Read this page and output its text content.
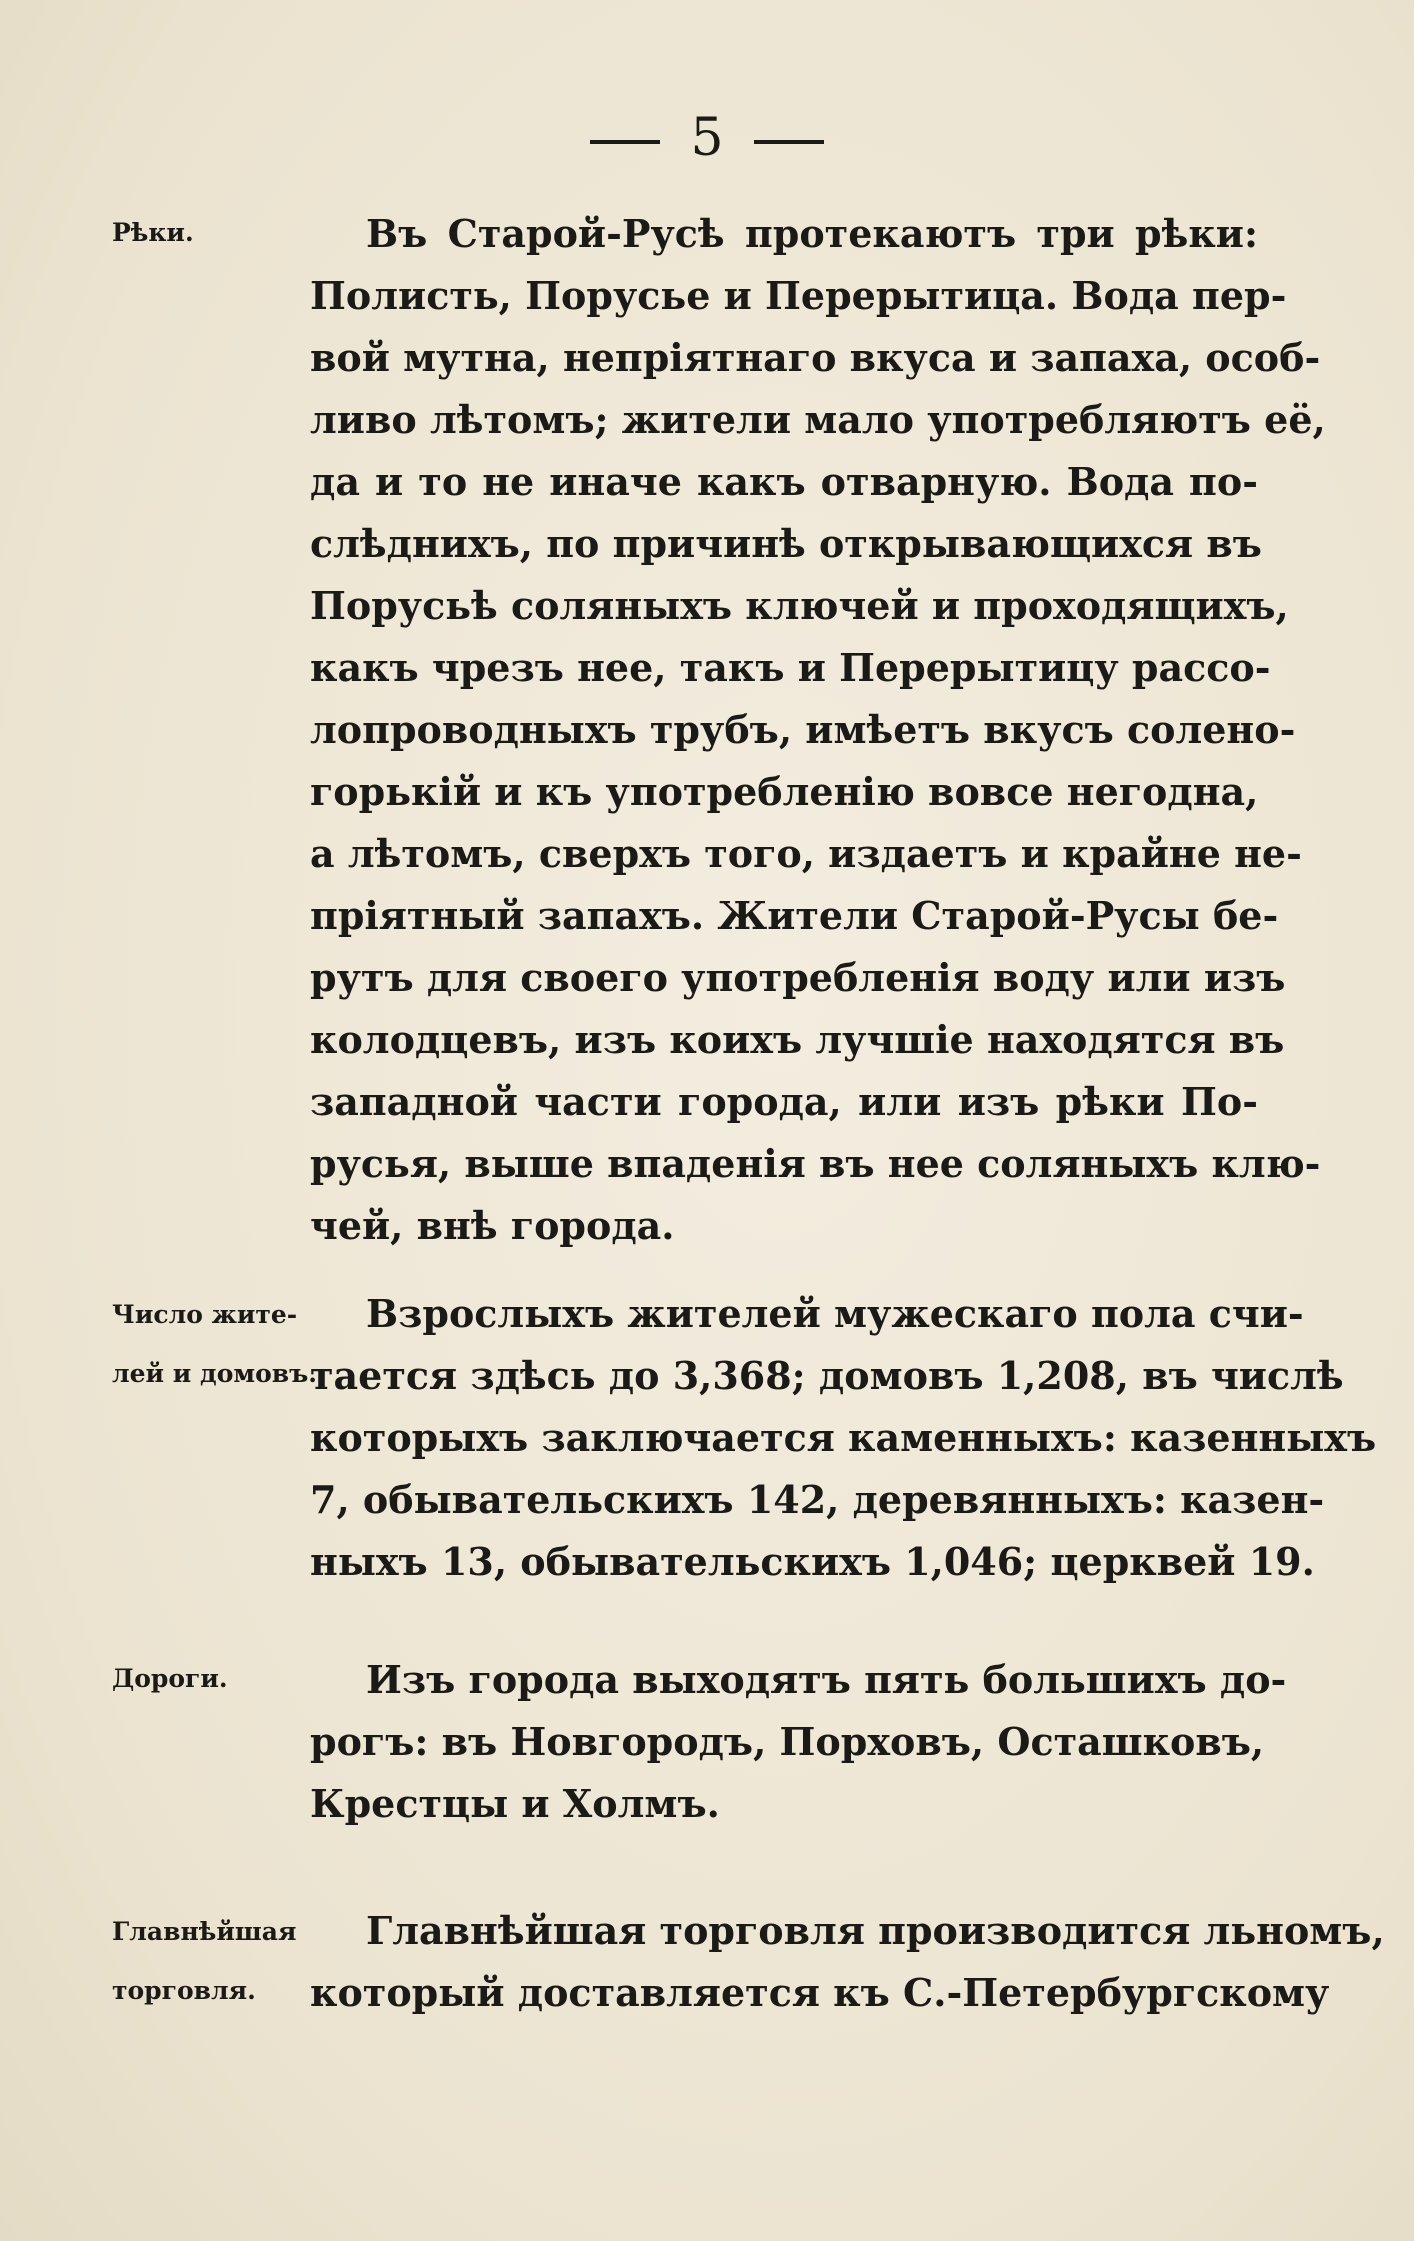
5
Рѣки.	Въ Старой-Русѣ протекаютъ три рѣки:
Полисть, Порусье и Перерытица. Вода пер-
вой мутна, непріятнаго вкуса и запаха, особ-
ливо лѣтомъ; жители мало употребляютъ её,
да и то не иначе какъ отварную. Вода по-
слѣднихъ, по причинѣ открывающихся въ
Порусьѣ соляныхъ ключей и проходящихъ,
какъ чрезъ нее, такъ и Перерытицу рассо-
лопроводныхъ трубъ, имѣетъ вкусъ солено-
горькій и къ употребленію вовсе негодна,
а лѣтомъ, сверхъ того, издаетъ и крайне не-
пріятный запахъ. Жители Старой-Русы бе-
рутъ для своего употребленія воду или изъ
колодцевъ, изъ коихъ лучшіе находятся въ
западной части города, или изъ рѣки По-
русья, выше впаденія въ нее соляныхъ клю-
чей, внѣ города.
Число жите-
лей и домовъ.
Взрослыхъ жителей мужескаго пола счи-
тается здѣсь до 3,368; домовъ 1,208, въ числѣ
которыхъ заключается каменныхъ: казенныхъ
7, обывательскихъ 142, деревянныхъ: казен-
ныхъ 13, обывательскихъ 1,046; церквей 19.
Дороги.	Изъ города выходятъ пять большихъ до-
рогъ: въ Новгородъ, Порховъ, Осташковъ,
Крестцы и Холмъ.
Главнѣйшая
торговля.
Главнѣйшая торговля производится льномъ,
который доставляется къ С.-Петербургскому
